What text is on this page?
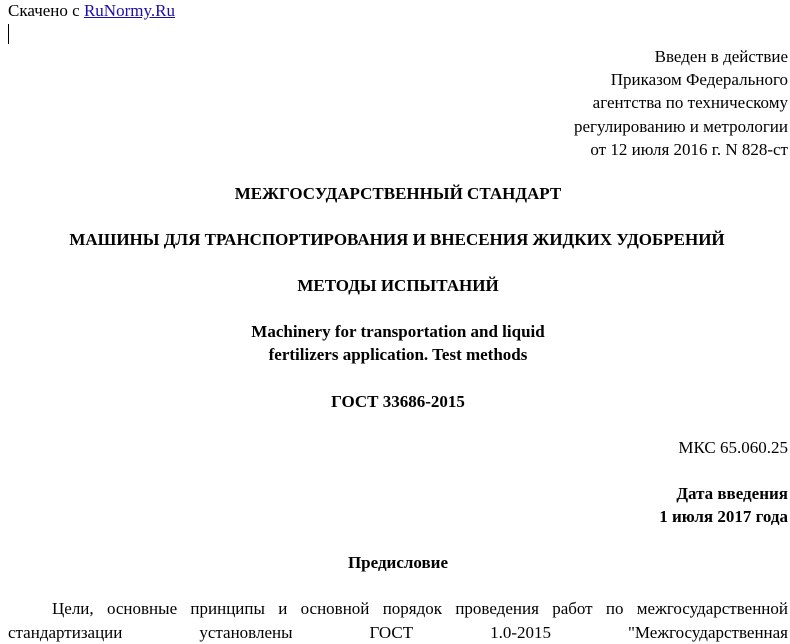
Скачено с RuNormy.Ru
Введен в действие
Приказом Федерального
агентства по техническому
регулированию и метрологии
от 12 июля 2016 г. N 828-ст
МЕЖГОСУДАРСТВЕННЫЙ СТАНДАРТ
МАШИНЫ ДЛЯ ТРАНСПОРТИРОВАНИЯ И ВНЕСЕНИЯ ЖИДКИХ УДОБРЕНИЙ
МЕТОДЫ ИСПЫТАНИЙ
Machinery for transportation and liquid
fertilizers application. Test methods
ГОСТ 33686-2015
МКС 65.060.25
Дата введения
1 июля 2017 года
Предисловие
Цели, основные принципы и основной порядок проведения работ по межгосударственной стандартизации установлены ГОСТ 1.0-2015 "Межгосударственная
